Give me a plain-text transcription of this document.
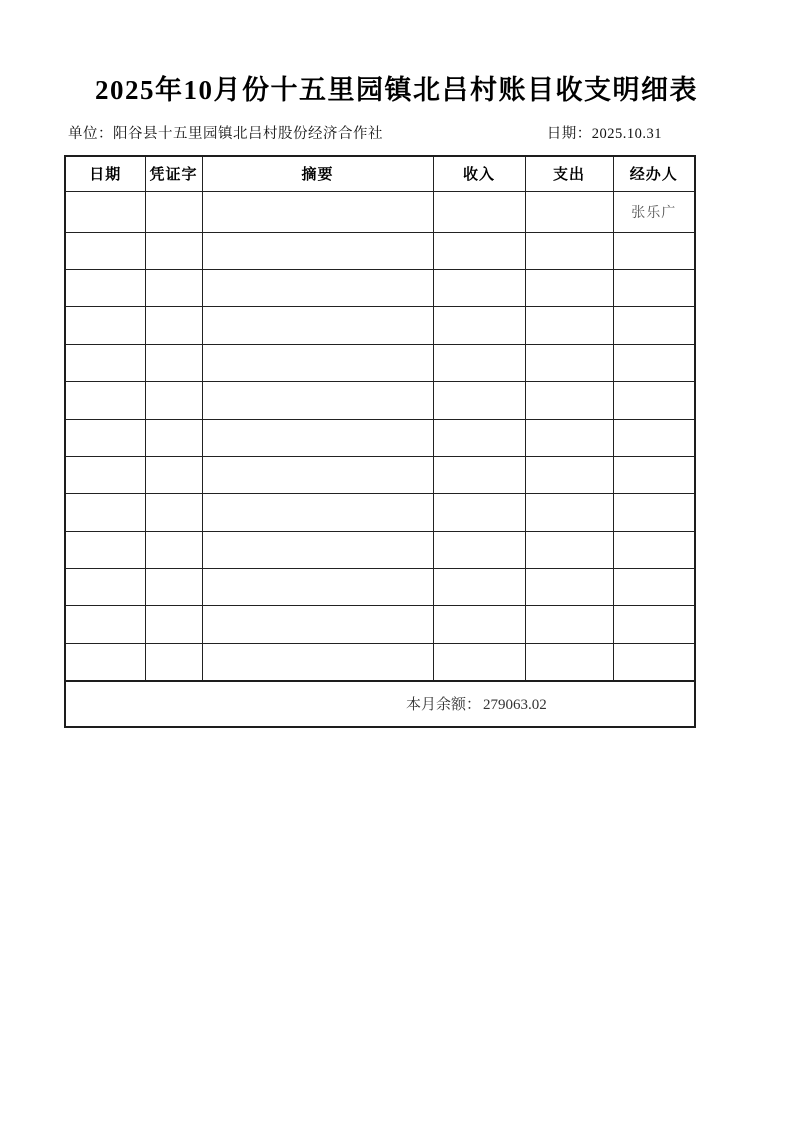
2025年10月份十五里园镇北吕村账目收支明细表
单位：阳谷县十五里园镇北吕村股份经济合作社	日期：2025.10.31
日期	凭证字	摘要	收入	支出	经办人
					张乐广

本月余额： 279063.02					
